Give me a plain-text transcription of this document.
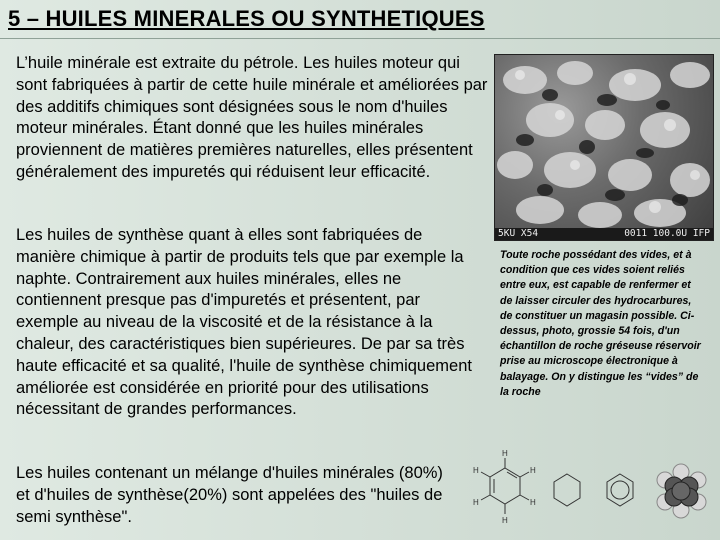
5 – HUILES MINERALES OU SYNTHETIQUES
L’huile minérale est extraite du pétrole. Les huiles moteur qui sont fabriquées à partir de cette huile minérale et améliorées par des additifs chimiques sont désignées sous le nom d'huiles moteur minérales. Étant donné que les huiles minérales proviennent de matières premières naturelles, elles présentent généralement des impuretés qui réduisent leur efficacité.
Les huiles de synthèse quant à elles sont fabriquées de manière chimique à partir de produits tels que par exemple la naphte. Contrairement aux huiles minérales, elles ne contiennent presque pas d'impuretés et présentent, par exemple au niveau de la viscosité et de la résistance à la chaleur, des caractéristiques bien supérieures. De par sa très haute efficacité et sa qualité, l'huile de synthèse chimiquement améliorée est considérée en priorité pour des utilisations nécessitant de grandes performances.
Les huiles contenant un mélange d'huiles minérales (80%) et d'huiles de synthèse(20%) sont appelées des "huiles de semi synthèse".
5KU X54	0011 100.0U IFP
Toute roche possédant des vides, et à condition que ces vides soient reliés entre eux, est capable de renfermer et de laisser circuler des hydrocarbures, de constituer un magasin possible. Ci-dessus, photo, grossie 54 fois, d'un échantillon de roche gréseuse réservoir prise au microscope électronique à balayage. On y distingue les “vides” de la roche
H
H
H
H
H
H
